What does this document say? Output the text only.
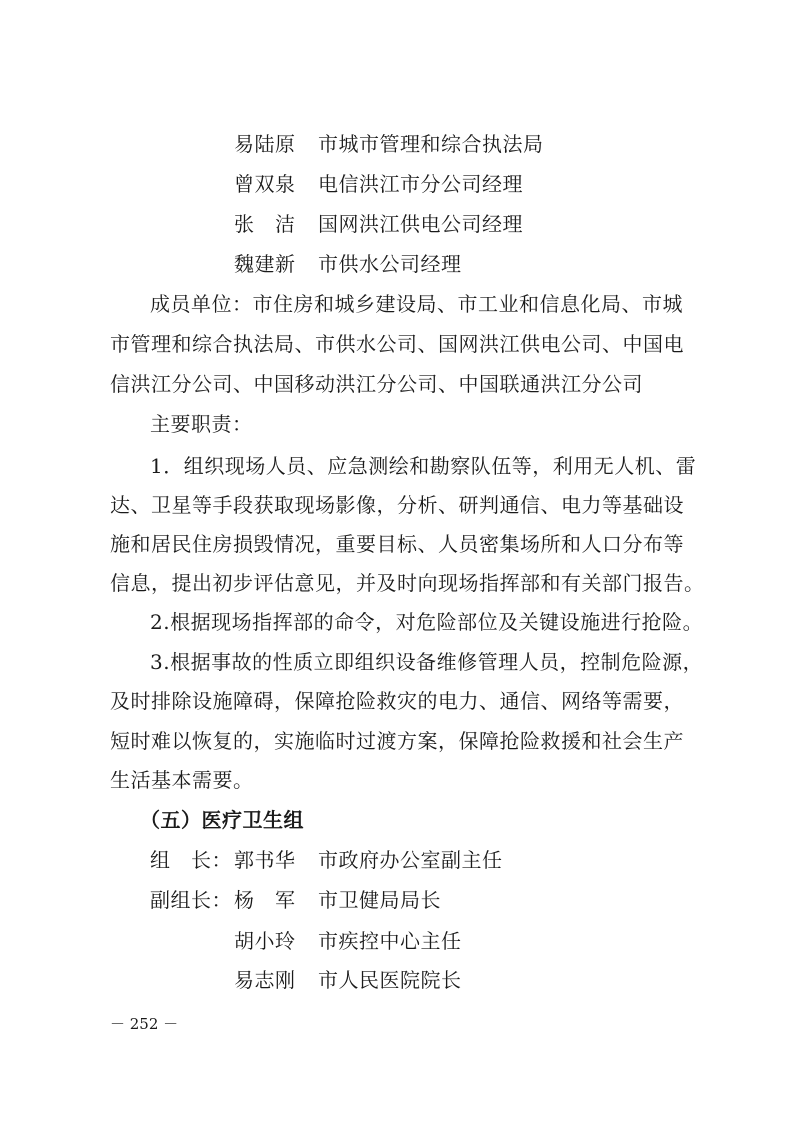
易陆原 市城市管理和综合执法局
曾双泉 电信洪江市分公司经理
张　洁 国网洪江供电公司经理
魏建新 市供水公司经理
成员单位：市住房和城乡建设局、市工业和信息化局、市城
市管理和综合执法局、市供水公司、国网洪江供电公司、中国电
信洪江分公司、中国移动洪江分公司、中国联通洪江分公司
主要职责：
1．组织现场人员、应急测绘和勘察队伍等，利用无人机、雷
达、卫星等手段获取现场影像，分析、研判通信、电力等基础设
施和居民住房损毁情况，重要目标、人员密集场所和人口分布等
信息，提出初步评估意见，并及时向现场指挥部和有关部门报告。
2.根据现场指挥部的命令，对危险部位及关键设施进行抢险。
3.根据事故的性质立即组织设备维修管理人员，控制危险源，
及时排除设施障碍，保障抢险救灾的电力、通信、网络等需要，
短时难以恢复的，实施临时过渡方案，保障抢险救援和社会生产
生活基本需要。
（五）医疗卫生组
组　长： 郭书华 市政府办公室副主任
副组长： 杨　军 市卫健局局长
胡小玲 市疾控中心主任
易志刚 市人民医院院长
－ 252 －
